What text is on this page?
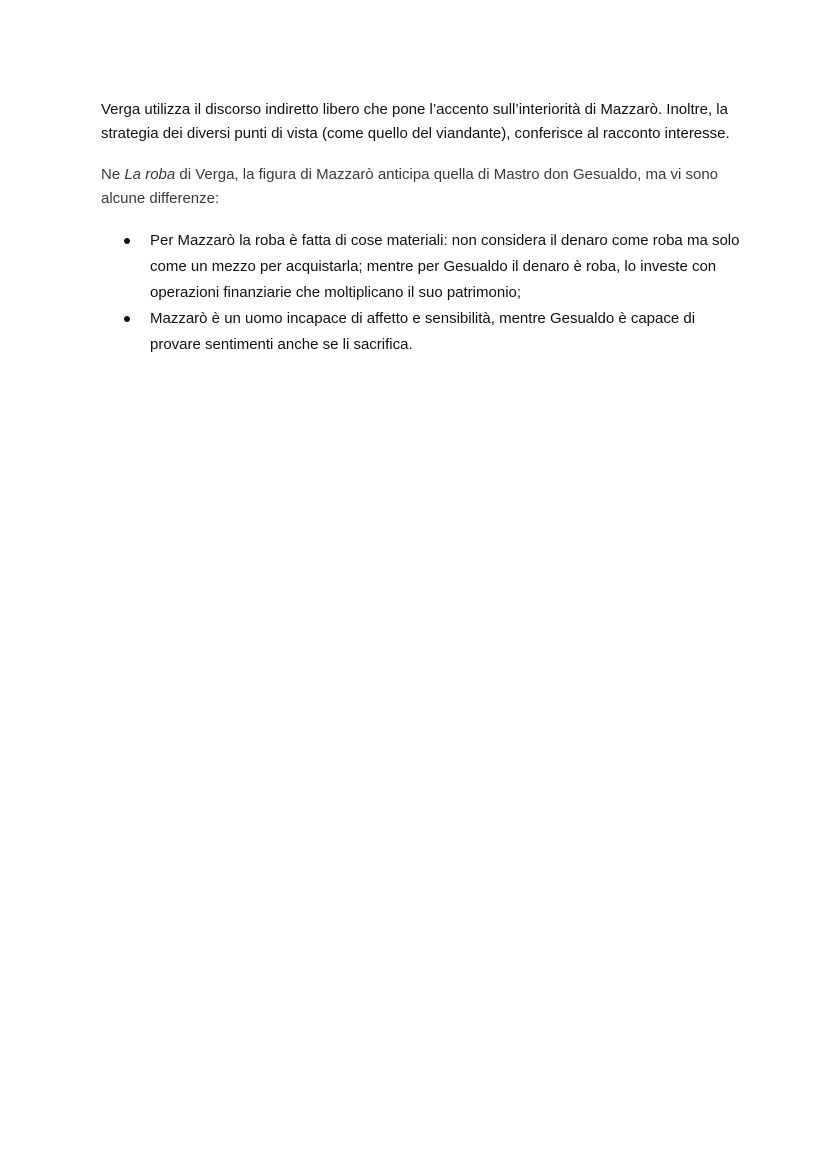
Verga utilizza il discorso indiretto libero che pone l’accento sull’interiorità di Mazzarò. Inoltre, la strategia dei diversi punti di vista (come quello del viandante), conferisce al racconto interesse.

Ne La roba di Verga, la figura di Mazzarò anticipa quella di Mastro don Gesualdo, ma vi sono alcune differenze:

Per Mazzarò la roba è fatta di cose materiali: non considera il denaro come roba ma solo come un mezzo per acquistarla; mentre per Gesualdo il denaro è roba, lo investe con operazioni finanziarie che moltiplicano il suo patrimonio;
Mazzarò è un uomo incapace di affetto e sensibilità, mentre Gesualdo è capace di provare sentimenti anche se li sacrifica.
